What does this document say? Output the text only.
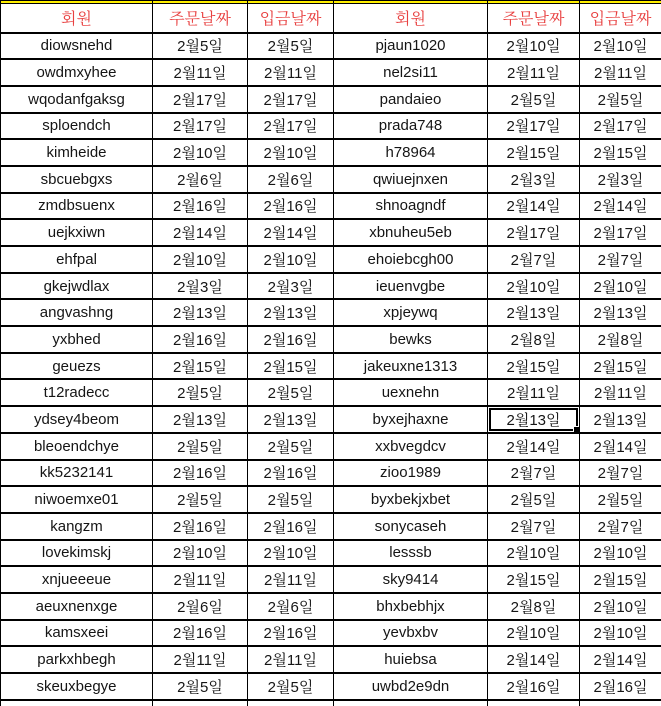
회원	주문날짜	입금날짜	회원	주문날짜	입금날짜
diowsnehd	2월5일	2월5일	pjaun1020	2월10일	2월10일
owdmxyhee	2월11일	2월11일	nel2si11	2월11일	2월11일
wqodanfgaksg	2월17일	2월17일	pandaieo	2월5일	2월5일
sploendch	2월17일	2월17일	prada748	2월17일	2월17일
kimheide	2월10일	2월10일	h78964	2월15일	2월15일
sbcuebgxs	2월6일	2월6일	qwiuejnxen	2월3일	2월3일
zmdbsuenx	2월16일	2월16일	shnoagndf	2월14일	2월14일
uejkxiwn	2월14일	2월14일	xbnuheu5eb	2월17일	2월17일
ehfpal	2월10일	2월10일	ehoiebcgh00	2월7일	2월7일
gkejwdlax	2월3일	2월3일	ieuenvgbe	2월10일	2월10일
angvashng	2월13일	2월13일	xpjeywq	2월13일	2월13일
yxbhed	2월16일	2월16일	bewks	2월8일	2월8일
geuezs	2월15일	2월15일	jakeuxne1313	2월15일	2월15일
t12radecc	2월5일	2월5일	uexnehn	2월11일	2월11일
ydsey4beom	2월13일	2월13일	byxejhaxne	2월13일	2월13일
bleoendchye	2월5일	2월5일	xxbvegdcv	2월14일	2월14일
kk5232141	2월16일	2월16일	zioo1989	2월7일	2월7일
niwoemxe01	2월5일	2월5일	byxbekjxbet	2월5일	2월5일
kangzm	2월16일	2월16일	sonycaseh	2월7일	2월7일
lovekimskj	2월10일	2월10일	lesssb	2월10일	2월10일
xnjueeeue	2월11일	2월11일	sky9414	2월15일	2월15일
aeuxnenxge	2월6일	2월6일	bhxbebhjx	2월8일	2월10일
kamsxeei	2월16일	2월16일	yevbxbv	2월10일	2월10일
parkxhbegh	2월11일	2월11일	huiebsa	2월14일	2월14일
skeuxbegye	2월5일	2월5일	uwbd2e9dn	2월16일	2월16일
